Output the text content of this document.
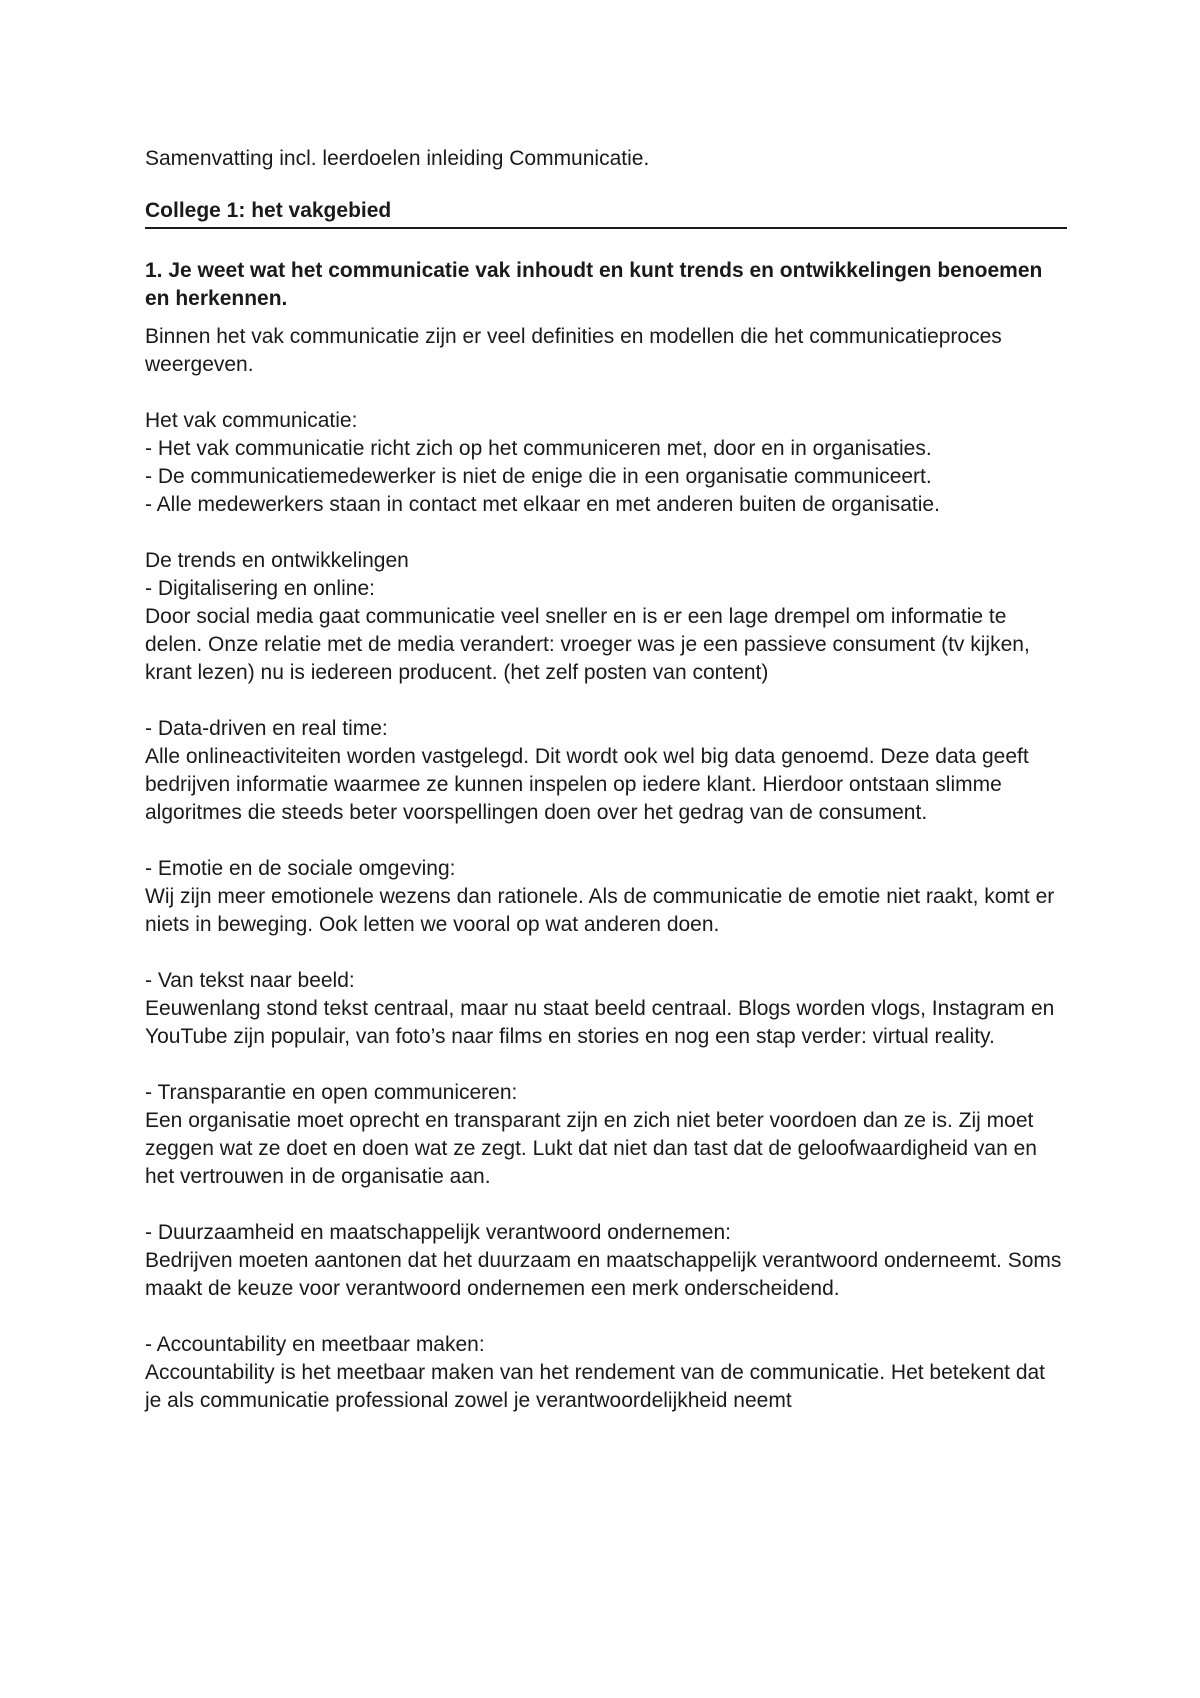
Samenvatting incl. leerdoelen inleiding Communicatie.
College 1: het vakgebied
1. Je weet wat het communicatie vak inhoudt en kunt trends en ontwikkelingen benoemen en herkennen.
Binnen het vak communicatie zijn er veel definities en modellen die het communicatieproces weergeven.
Het vak communicatie:
- Het vak communicatie richt zich op het communiceren met, door en in organisaties.
- De communicatiemedewerker is niet de enige die in een organisatie communiceert.
- Alle medewerkers staan in contact met elkaar en met anderen buiten de organisatie.
De trends en ontwikkelingen
- Digitalisering en online:
Door social media gaat communicatie veel sneller en is er een lage drempel om informatie te delen. Onze relatie met de media verandert: vroeger was je een passieve consument (tv kijken, krant lezen) nu is iedereen producent. (het zelf posten van content)
- Data-driven en real time:
Alle onlineactiviteiten worden vastgelegd. Dit wordt ook wel big data genoemd. Deze data geeft bedrijven informatie waarmee ze kunnen inspelen op iedere klant. Hierdoor ontstaan slimme algoritmes die steeds beter voorspellingen doen over het gedrag van de consument.
- Emotie en de sociale omgeving:
Wij zijn meer emotionele wezens dan rationele. Als de communicatie de emotie niet raakt, komt er niets in beweging. Ook letten we vooral op wat anderen doen.
- Van tekst naar beeld:
Eeuwenlang stond tekst centraal, maar nu staat beeld centraal. Blogs worden vlogs, Instagram en YouTube zijn populair, van foto’s naar films en stories en nog een stap verder: virtual reality.
- Transparantie en open communiceren:
Een organisatie moet oprecht en transparant zijn en zich niet beter voordoen dan ze is. Zij moet zeggen wat ze doet en doen wat ze zegt. Lukt dat niet dan tast dat de geloofwaardigheid van en het vertrouwen in de organisatie aan.
- Duurzaamheid en maatschappelijk verantwoord ondernemen:
Bedrijven moeten aantonen dat het duurzaam en maatschappelijk verantwoord onderneemt. Soms maakt de keuze voor verantwoord ondernemen een merk onderscheidend.
- Accountability en meetbaar maken:
Accountability is het meetbaar maken van het rendement van de communicatie. Het betekent dat je als communicatie professional zowel je verantwoordelijkheid neemt
